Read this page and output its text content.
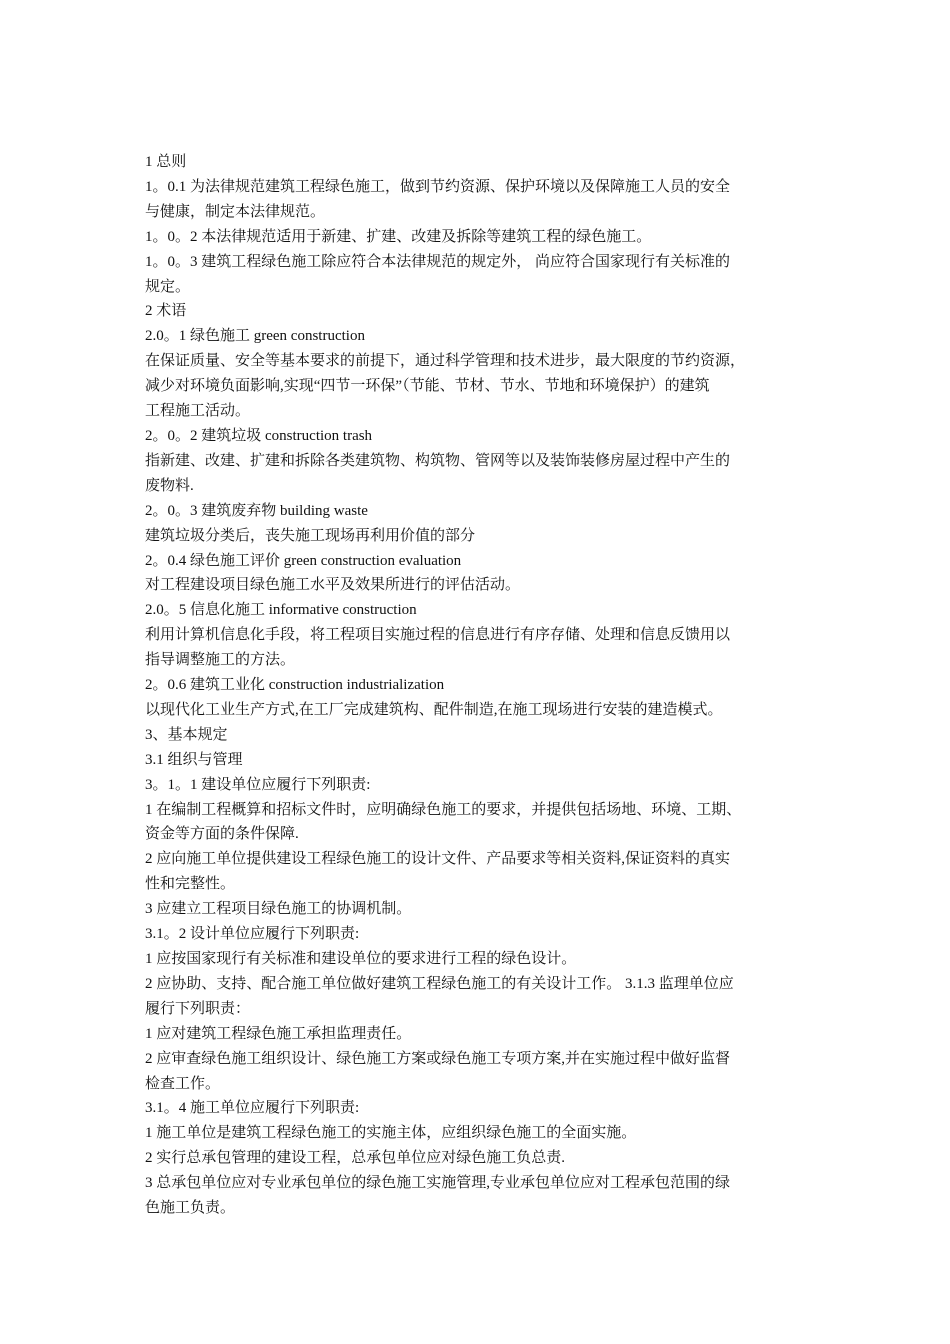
1 总则
1。0.1 为法律规范建筑工程绿色施工，做到节约资源、保护环境以及保障施工人员的安全
与健康，制定本法律规范。
1。0。2 本法律规范适用于新建、扩建、改建及拆除等建筑工程的绿色施工。
1。0。3 建筑工程绿色施工除应符合本法律规范的规定外， 尚应符合国家现行有关标准的
规定。
2 术语
2.0。1 绿色施工 green construction
在保证质量、安全等基本要求的前提下，通过科学管理和技术进步，最大限度的节约资源，
减少对环境负面影响,实现“四节一环保”（节能、节材、节水、节地和环境保护）的建筑
工程施工活动。
2。0。2 建筑垃圾 construction trash
指新建、改建、扩建和拆除各类建筑物、构筑物、管网等以及装饰装修房屋过程中产生的
废物料.
2。0。3 建筑废弃物 building waste
建筑垃圾分类后，丧失施工现场再利用价值的部分
2。0.4 绿色施工评价 green construction evaluation
对工程建设项目绿色施工水平及效果所进行的评估活动。
2.0。5 信息化施工 informative construction
利用计算机信息化手段，将工程项目实施过程的信息进行有序存储、处理和信息反馈用以
指导调整施工的方法。
2。0.6 建筑工业化 construction industrialization
以现代化工业生产方式,在工厂完成建筑构、配件制造,在施工现场进行安装的建造模式。
3、基本规定
3.1 组织与管理
3。1。1 建设单位应履行下列职责:
1 在编制工程概算和招标文件时，应明确绿色施工的要求，并提供包括场地、环境、工期、
资金等方面的条件保障.
2 应向施工单位提供建设工程绿色施工的设计文件、产品要求等相关资料,保证资料的真实
性和完整性。
3 应建立工程项目绿色施工的协调机制。
3.1。2 设计单位应履行下列职责:
1 应按国家现行有关标准和建设单位的要求进行工程的绿色设计。
2 应协助、支持、配合施工单位做好建筑工程绿色施工的有关设计工作。 3.1.3 监理单位应
履行下列职责：
1 应对建筑工程绿色施工承担监理责任。
2 应审查绿色施工组织设计、绿色施工方案或绿色施工专项方案,并在实施过程中做好监督
检查工作。
3.1。4 施工单位应履行下列职责:
1 施工单位是建筑工程绿色施工的实施主体，应组织绿色施工的全面实施。
2 实行总承包管理的建设工程，总承包单位应对绿色施工负总责.
3 总承包单位应对专业承包单位的绿色施工实施管理,专业承包单位应对工程承包范围的绿
色施工负责。
